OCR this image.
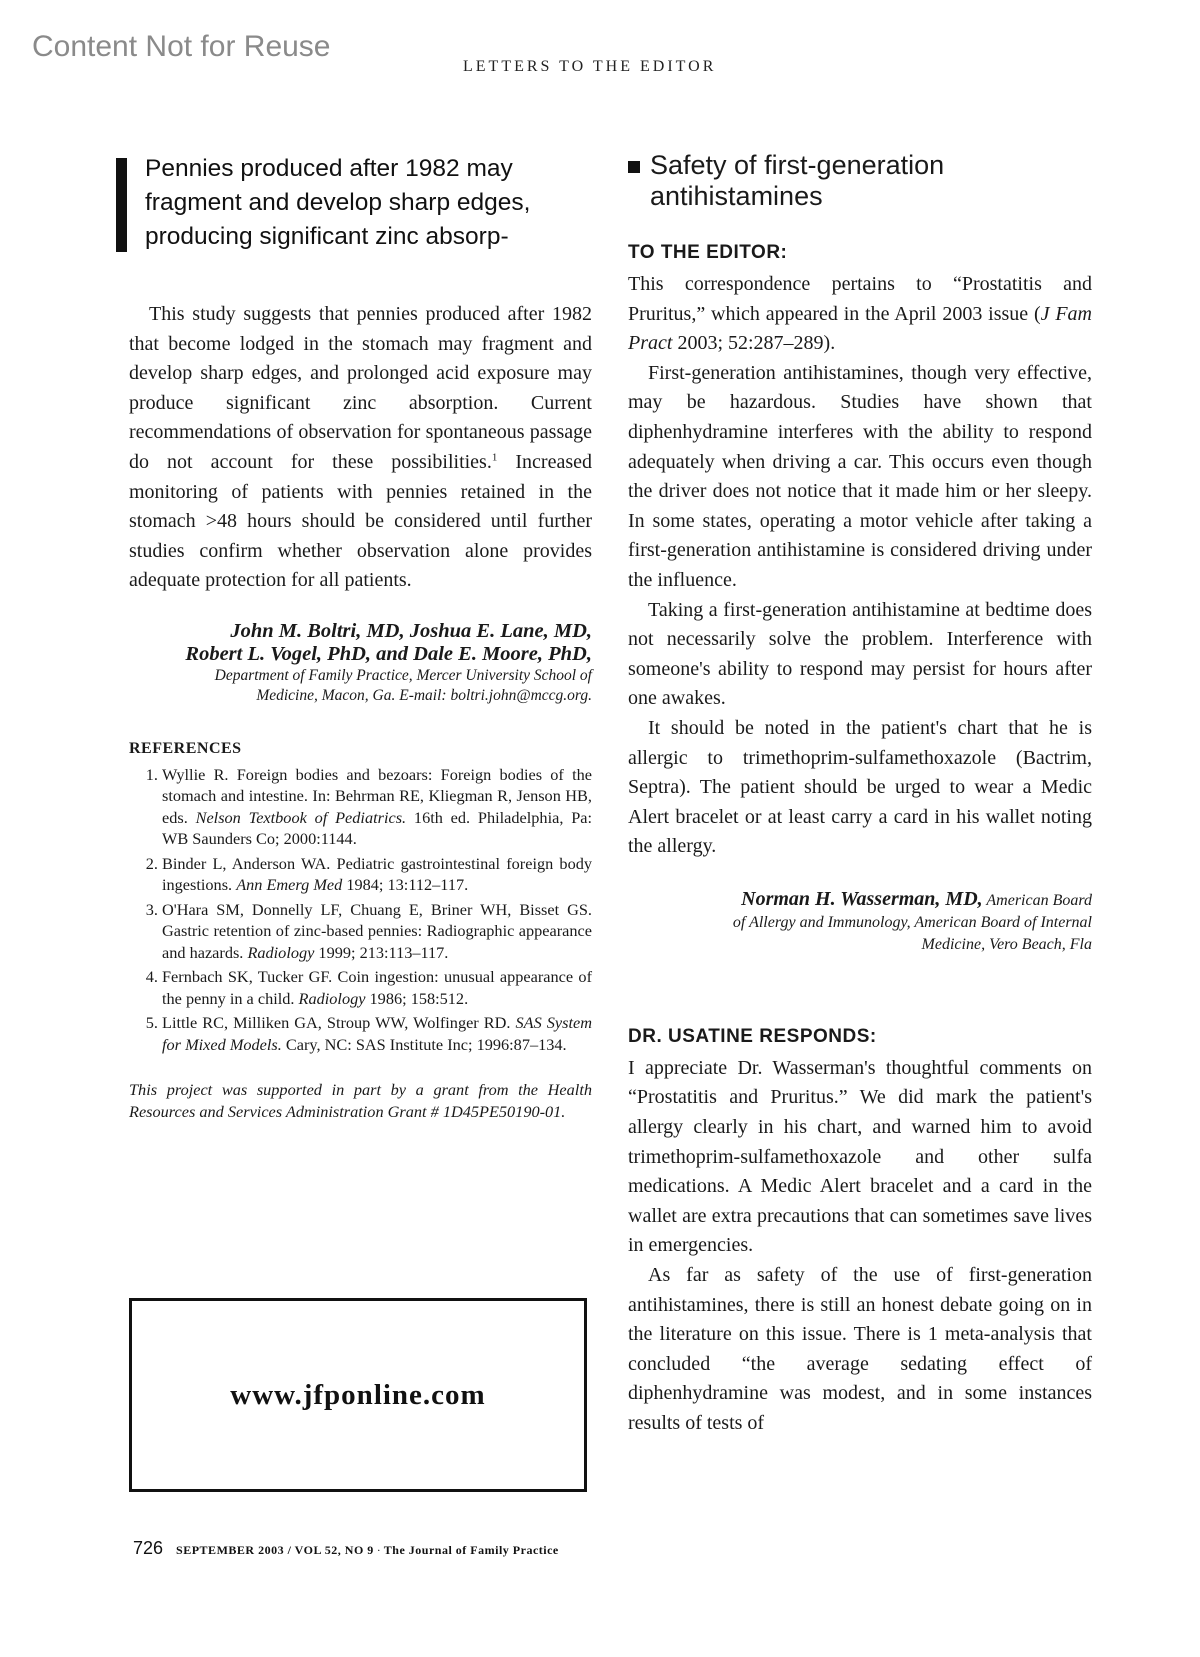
Content Not for Reuse
LETTERS TO THE EDITOR
Pennies produced after 1982 may fragment and develop sharp edges, producing significant zinc absorp-

This study suggests that pennies produced after 1982 that become lodged in the stomach may fragment and develop sharp edges, and prolonged acid exposure may produce significant zinc absorption. Current recommendations of observation for spontaneous passage do not account for these possibilities.$^1$ Increased monitoring of patients with pennies retained in the stomach >48 hours should be considered until further studies confirm whether observation alone provides adequate protection for all patients.

John M. Boltri, MD, Joshua E. Lane, MD,
Robert L. Vogel, PhD, and Dale E. Moore, PhD,
Department of Family Practice, Mercer University School of
Medicine, Macon, Ga. E-mail: boltri.john@mccg.org.
REFERENCES
1. Wyllie R. Foreign bodies and bezoars: Foreign bodies of the stomach and intestine. In: Behrman RE, Kliegman R, Jenson HB, eds. Nelson Textbook of Pediatrics. 16th ed. Philadelphia, Pa: WB Saunders Co; 2000:1144.
2. Binder L, Anderson WA. Pediatric gastrointestinal foreign body ingestions. Ann Emerg Med 1984; 13:112–117.
3. O'Hara SM, Donnelly LF, Chuang E, Briner WH, Bisset GS. Gastric retention of zinc-based pennies: Radiographic appearance and hazards. Radiology 1999; 213:113–117.
4. Fernbach SK, Tucker GF. Coin ingestion: unusual appearance of the penny in a child. Radiology 1986; 158:512.
5. Little RC, Milliken GA, Stroup WW, Wolfinger RD. SAS System for Mixed Models. Cary, NC: SAS Institute Inc; 1996:87–134.
This project was supported in part by a grant from the Health Resources and Services Administration Grant # 1D45PE50190-01.
www.jfponline.com
726 SEPTEMBER 2003 / VOL 52, NO 9 · The Journal of Family Practice
Safety of first-generation antihistamines
TO THE EDITOR:

This correspondence pertains to “Prostatitis and Pruritus,” which appeared in the April 2003 issue (J Fam Pract 2003; 52:287–289).

First-generation antihistamines, though very effective, may be hazardous. Studies have shown that diphenhydramine interferes with the ability to respond adequately when driving a car. This occurs even though the driver does not notice that it made him or her sleepy. In some states, operating a motor vehicle after taking a first-generation antihistamine is considered driving under the influence.

Taking a first-generation antihistamine at bedtime does not necessarily solve the problem. Interference with someone's ability to respond may persist for hours after one awakes.

It should be noted in the patient's chart that he is allergic to trimethoprim-sulfamethoxazole (Bactrim, Septra). The patient should be urged to wear a Medic Alert bracelet or at least carry a card in his wallet noting the allergy.

Norman H. Wasserman, MD, American Board
of Allergy and Immunology, American Board of Internal
Medicine, Vero Beach, Fla
DR. USATINE RESPONDS:

I appreciate Dr. Wasserman's thoughtful comments on “Prostatitis and Pruritus.” We did mark the patient's allergy clearly in his chart, and warned him to avoid trimethoprim-sulfamethoxazole and other sulfa medications. A Medic Alert bracelet and a card in the wallet are extra precautions that can sometimes save lives in emergencies.

As far as safety of the use of first-generation antihistamines, there is still an honest debate going on in the literature on this issue. There is 1 meta-analysis that concluded “the average sedating effect of diphenhydramine was modest, and in some instances results of tests of
